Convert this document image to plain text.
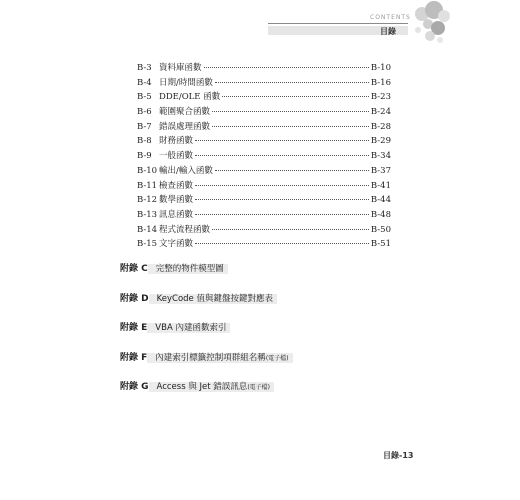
CONTENTS
目錄
B-3 資料庫函數	B-10
B-4 日期/時間函數	B-16
B-5 DDE/OLE 函數	B-23
B-6 範圍聚合函數	B-24
B-7 錯誤處理函數	B-28
B-8 財務函數	B-29
B-9 一般函數	B-34
B-10 輸出/輸入函數	B-37
B-11 檢查函數	B-41
B-12 數學函數	B-44
B-13 訊息函數	B-48
B-14 程式流程函數	B-50
B-15 文字函數	B-51
附錄 C 完整的物件模型圖
附錄 D KeyCode 值與鍵盤按鍵對應表
附錄 E VBA 內建函數索引
附錄 F 內建索引標籤控制項群組名稱(電子檔)
附錄 G Access 與 Jet 錯誤訊息(電子檔)
目錄-13
